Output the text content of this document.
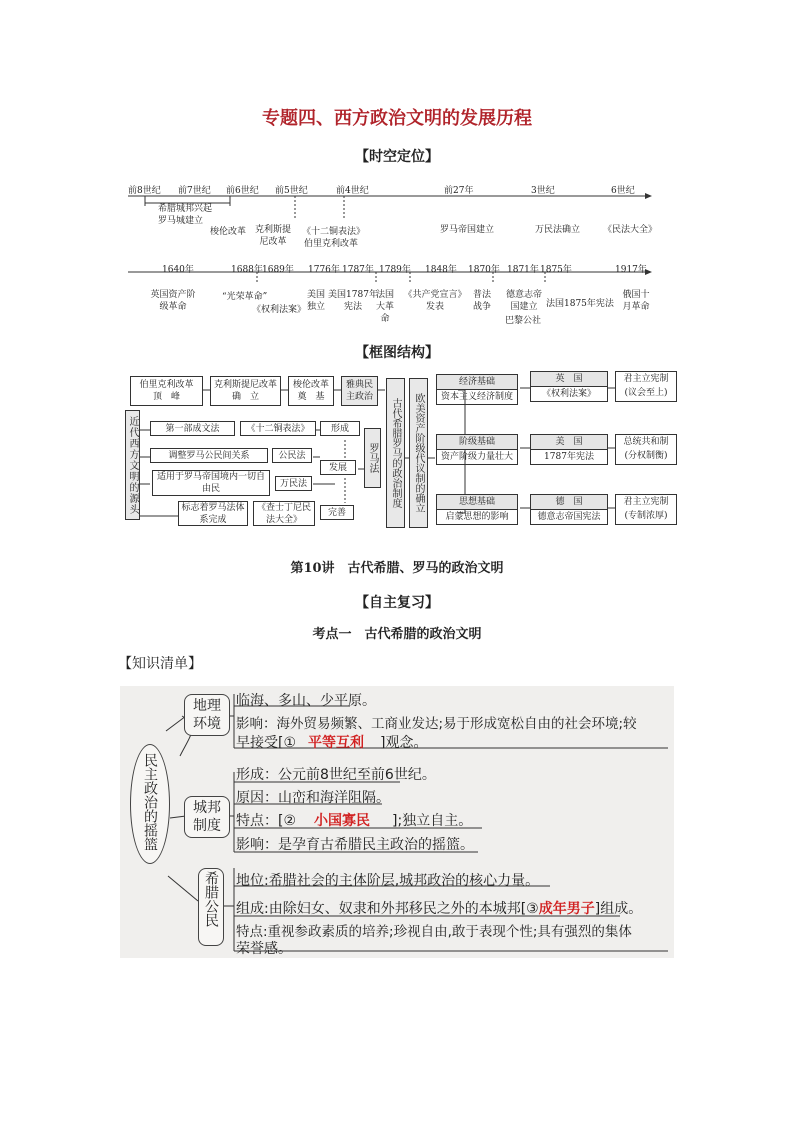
专题四、西方政治文明的发展历程
【时空定位】
前8世纪 前7世纪 前6世纪 前5世纪	前4世纪	前27年	3世纪	6世纪
希腊城邦兴起
罗马城建立
梭伦改革 克利斯提尼改革
《十二铜表法》
伯里克利改革
罗马帝国建立	万民法确立	《民法大全》
1640年	1688年 1689年 1776年 1787年 1789年 1848年 1870年 1871年 1875年	1917年
英国资产阶级革命
“光荣革命”
《权利法案》
美国独立
美国1787年宪法
法国大革命
《共产党宣言》发表
普法战争
德意志帝国建立
巴黎公社
法国1875年宪法
俄国十月革命
【框图结构】
伯里克利改革
顶　峰
克利斯提尼改革
确　立
梭伦改革
奠　基
雅典民主政治
近代西方文明的源头	第一部成文法	《十二铜表法》 形成
调整罗马公民间关系	公民法
发展
适用于罗马帝国境内一切自由民
万民法
标志着罗马法体系完成
《查士丁尼民法大全》
完善
罗马法 古代希腊罗马的政治制度 欧美资产阶级代议制的确立
经济基础
资本主义经济制度
阶级基础
资产阶级力量壮大
思想基础
启蒙思想的影响
英　国
《权利法案》
美　国
1787年宪法
德　国
德意志帝国宪法
君主立宪制
(议会至上)
总统共和制
(分权制衡)
君主立宪制
(专制浓厚)
第10讲　古代希腊、罗马的政治文明
【自主复习】
考点一　古代希腊的政治文明
【知识清单】
民主政治的摇篮
地理环境
临海、多山、少平原。
影响：海外贸易频繁、工商业发达;易于形成宽松自由的社会环境;较
早接受[① 平等互利 ]观念。
城邦制度
形成：公元前8世纪至前6世纪。
原因：山峦和海洋阻隔。
特点：[② 小国寡民 ];独立自主。
影响：是孕育古希腊民主政治的摇篮。
希腊公民	地位:希腊社会的主体阶层,城邦政治的核心力量。
组成:由除妇女、奴隶和外邦移民之外的本城邦[③成年男子]组成。
特点:重视参政素质的培养;珍视自由,敢于表现个性;具有强烈的集体
荣誉感。
